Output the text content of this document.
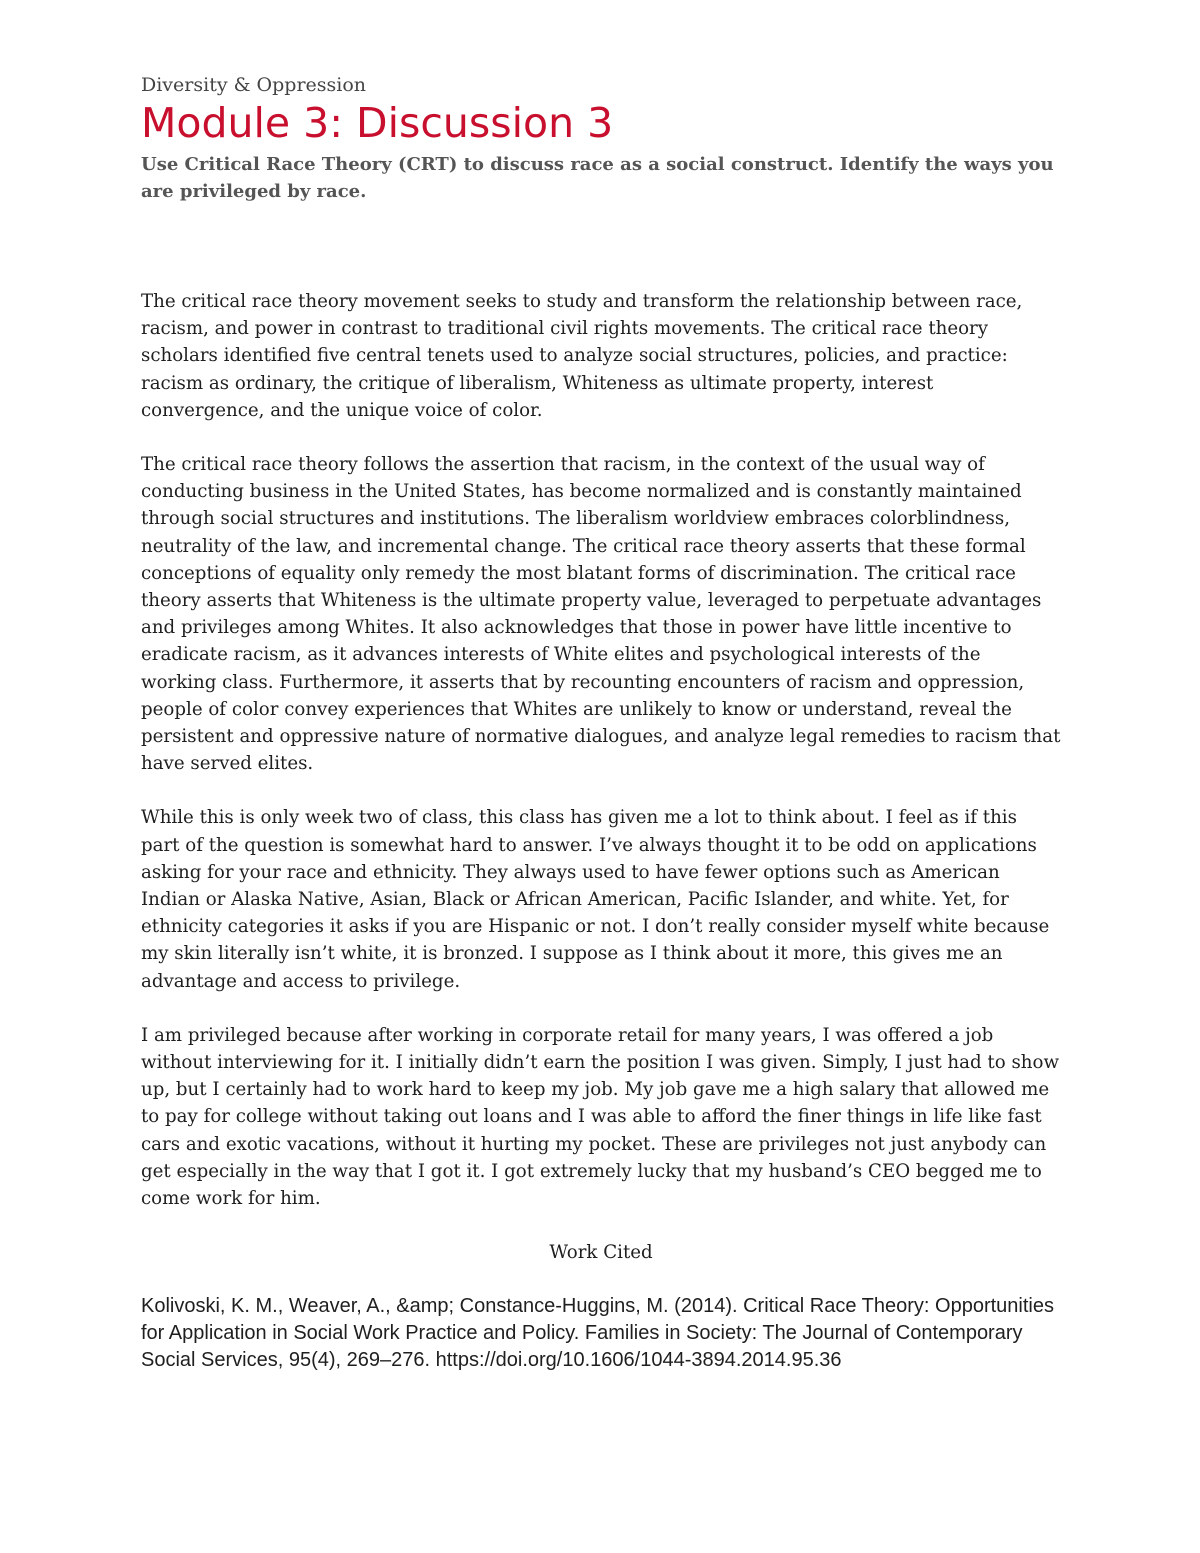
Diversity & Oppression
Module 3: Discussion 3

Use Critical Race Theory (CRT) to discuss race as a social construct. Identify the ways you are privileged by race.

The critical race theory movement seeks to study and transform the relationship between race, racism, and power in contrast to traditional civil rights movements. The critical race theory scholars identified five central tenets used to analyze social structures, policies, and practice: racism as ordinary, the critique of liberalism, Whiteness as ultimate property, interest convergence, and the unique voice of color.

The critical race theory follows the assertion that racism, in the context of the usual way of conducting business in the United States, has become normalized and is constantly maintained through social structures and institutions. The liberalism worldview embraces colorblindness, neutrality of the law, and incremental change. The critical race theory asserts that these formal conceptions of equality only remedy the most blatant forms of discrimination. The critical race theory asserts that Whiteness is the ultimate property value, leveraged to perpetuate advantages and privileges among Whites. It also acknowledges that those in power have little incentive to eradicate racism, as it advances interests of White elites and psychological interests of the working class. Furthermore, it asserts that by recounting encounters of racism and oppression, people of color convey experiences that Whites are unlikely to know or understand, reveal the persistent and oppressive nature of normative dialogues, and analyze legal remedies to racism that have served elites.

While this is only week two of class, this class has given me a lot to think about. I feel as if this part of the question is somewhat hard to answer. I’ve always thought it to be odd on applications asking for your race and ethnicity. They always used to have fewer options such as American Indian or Alaska Native, Asian, Black or African American, Pacific Islander, and white. Yet, for ethnicity categories it asks if you are Hispanic or not. I don’t really consider myself white because my skin literally isn’t white, it is bronzed. I suppose as I think about it more, this gives me an advantage and access to privilege.

I am privileged because after working in corporate retail for many years, I was offered a job without interviewing for it. I initially didn’t earn the position I was given. Simply, I just had to show up, but I certainly had to work hard to keep my job. My job gave me a high salary that allowed me to pay for college without taking out loans and I was able to afford the finer things in life like fast cars and exotic vacations, without it hurting my pocket. These are privileges not just anybody can get especially in the way that I got it. I got extremely lucky that my husband’s CEO begged me to come work for him.

Work Cited

Kolivoski, K. M., Weaver, A., &amp; Constance-Huggins, M. (2014). Critical Race Theory: Opportunities for Application in Social Work Practice and Policy. Families in Society: The Journal of Contemporary Social Services, 95(4), 269–276. https://doi.org/10.1606/1044-3894.2014.95.36
